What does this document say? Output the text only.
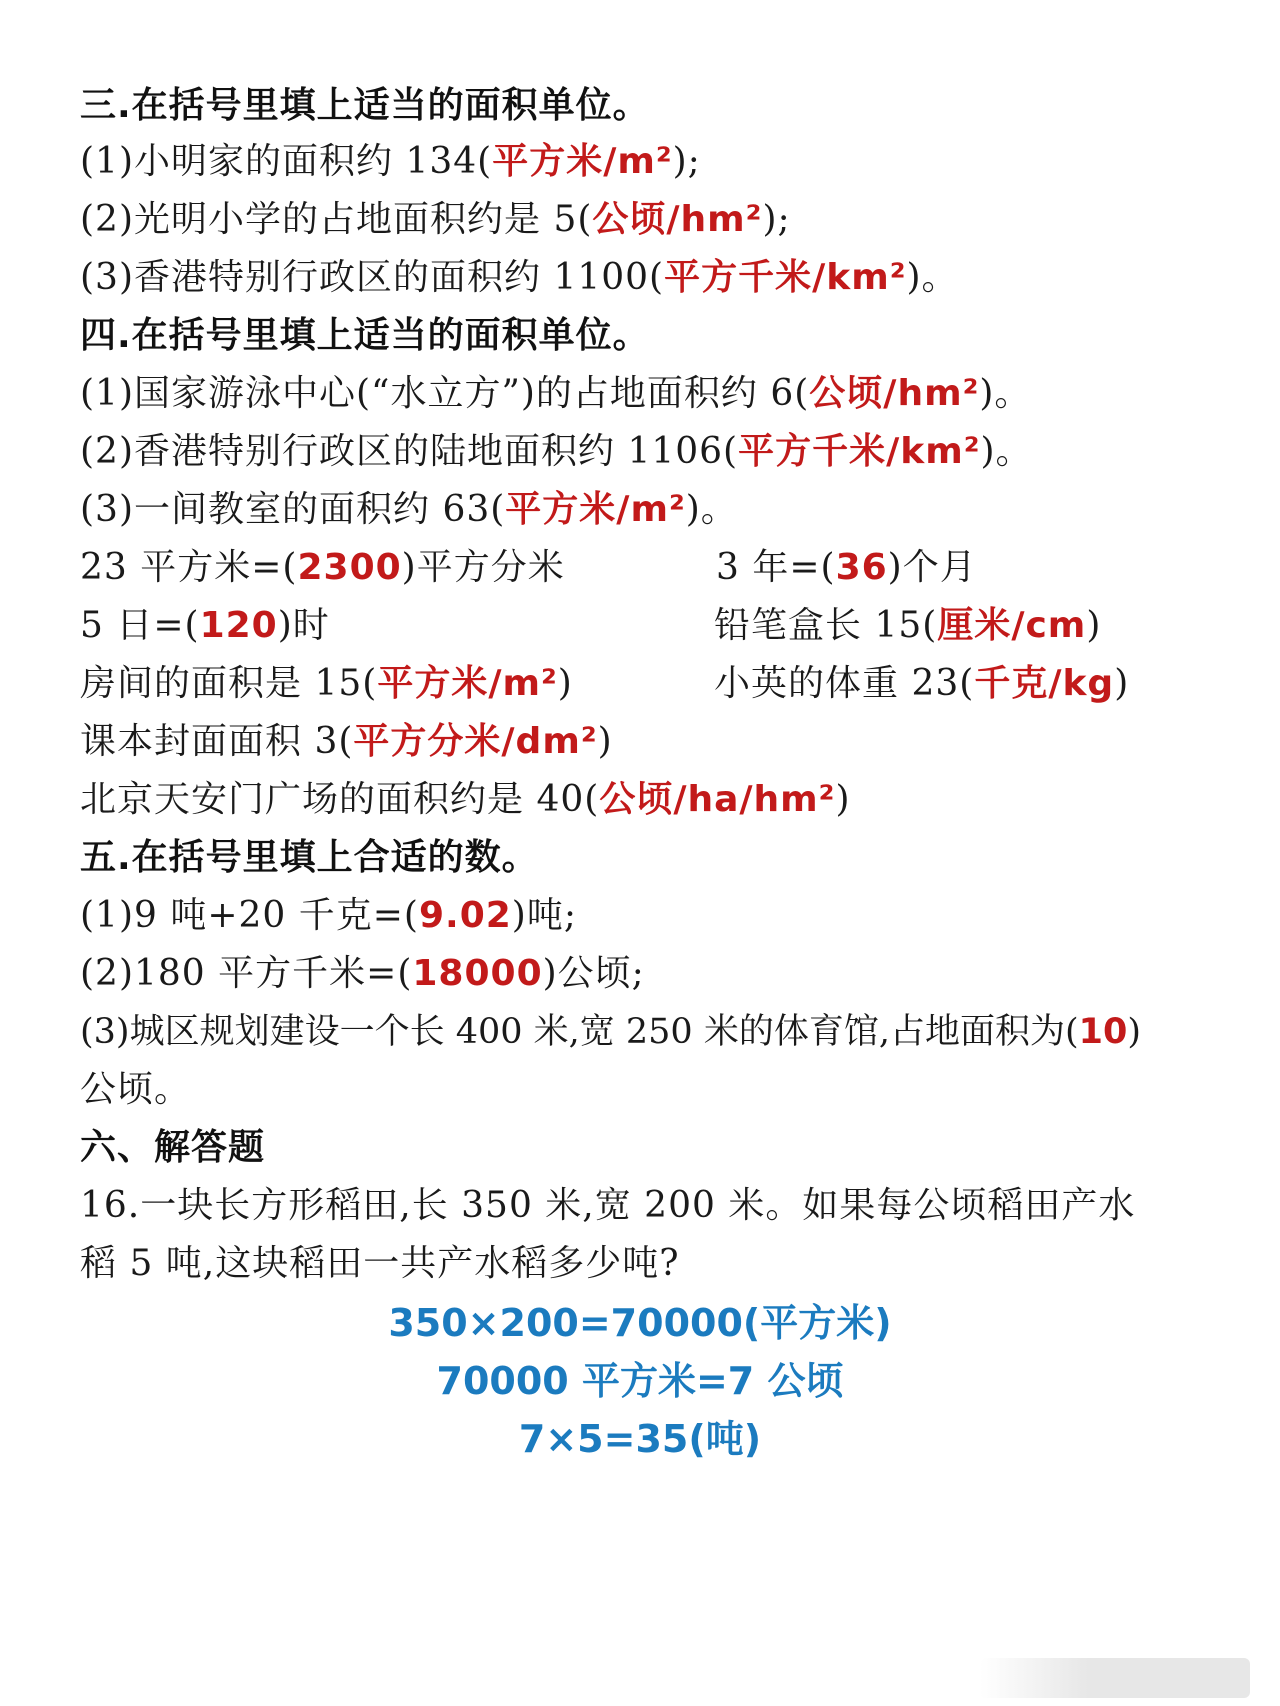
三.在括号里填上适当的面积单位。
(1)小明家的面积约 134(平方米/m²);
(2)光明小学的占地面积约是 5(公顷/hm²);
(3)香港特别行政区的面积约 1100(平方千米/km²)。
四.在括号里填上适当的面积单位。
(1)国家游泳中心(“水立方”)的占地面积约 6(公顷/hm²)。
(2)香港特别行政区的陆地面积约 1106(平方千米/km²)。
(3)一间教室的面积约 63(平方米/m²)。
23 平方米=(2300)平方分米	3 年=(36)个月
5 日=(120)时	铅笔盒长 15(厘米/cm)
房间的面积是 15(平方米/m²)	小英的体重 23(千克/kg)
课本封面面积 3(平方分米/dm²)
北京天安门广场的面积约是 40(公顷/ha/hm²)
五.在括号里填上合适的数。
(1)9 吨+20 千克=(9.02)吨;
(2)180 平方千米=(18000)公顷;
(3)城区规划建设一个长 400 米,宽 250 米的体育馆,占地面积为(10)
公顷。
六、解答题
16.一块长方形稻田,长 350 米,宽 200 米。如果每公顷稻田产水
稻 5 吨,这块稻田一共产水稻多少吨?
350×200=70000(平方米)
70000 平方米=7 公顷
7×5=35(吨)
